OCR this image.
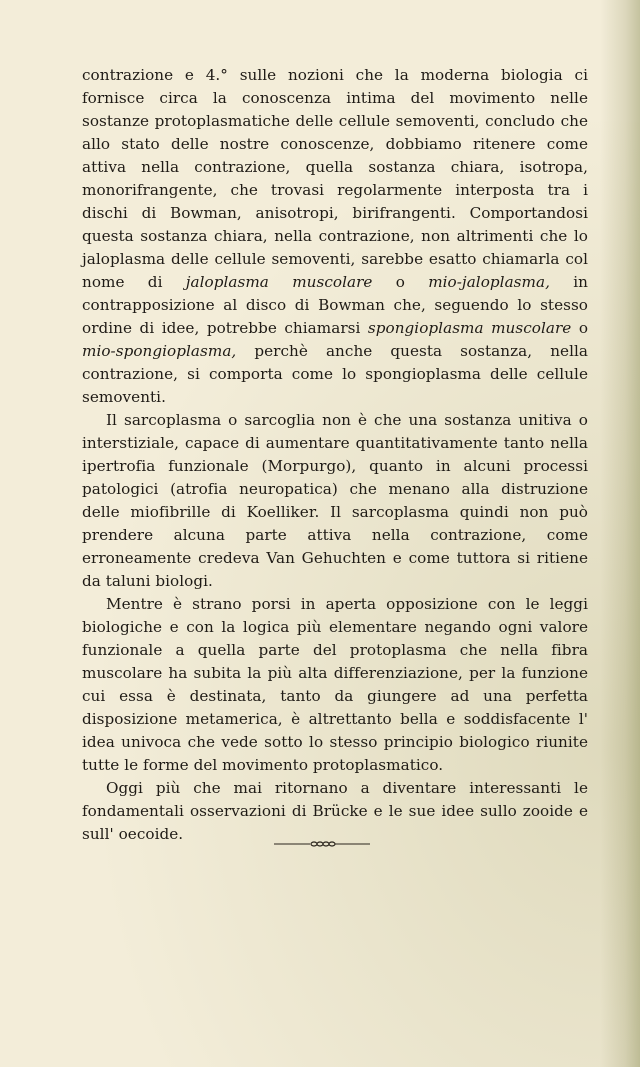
contrazione e 4.° sulle nozioni che la moderna biologia ci fornisce circa la conoscenza intima del movimento nelle sostanze protoplasmatiche delle cellule semoventi, concludo che allo stato delle nostre conoscenze, dobbiamo ritenere come attiva nella contrazione, quella sostanza chiara, isotropa, monorifrangente, che trovasi regolarmente interposta tra i dischi di Bowman, anisotropi, birifrangenti. Comportandosi questa sostanza chiara, nella contrazione, non altrimenti che lo jaloplasma delle cellule semoventi, sarebbe esatto chiamarla col nome di jaloplasma muscolare o mio-jaloplasma, in contrapposizione al disco di Bowman che, seguendo lo stesso ordine di idee, potrebbe chiamarsi spongioplasma muscolare o mio-spongioplasma, perchè anche questa sostanza, nella contrazione, si comporta come lo spongioplasma delle cellule semoventi.

Il sarcoplasma o sarcoglia non è che una sostanza unitiva o interstiziale, capace di aumentare quantitativamente tanto nella ipertrofia funzionale (Morpurgo), quanto in alcuni processi patologici (atrofia neuropatica) che menano alla distruzione delle miofibrille di Koelliker. Il sarcoplasma quindi non può prendere alcuna parte attiva nella contrazione, come erroneamente credeva Van Gehuchten e come tuttora si ritiene da taluni biologi.

Mentre è strano porsi in aperta opposizione con le leggi biologiche e con la logica più elementare negando ogni valore funzionale a quella parte del protoplasma che nella fibra muscolare ha subita la più alta differenziazione, per la funzione cui essa è destinata, tanto da giungere ad una perfetta disposizione metamerica, è altrettanto bella e soddisfacente l' idea univoca che vede sotto lo stesso principio biologico riunite tutte le forme del movimento protoplasmatico.

Oggi più che mai ritornano a diventare interessanti le fondamentali osservazioni di Brücke e le sue idee sullo zooide e sull' oecoide.
